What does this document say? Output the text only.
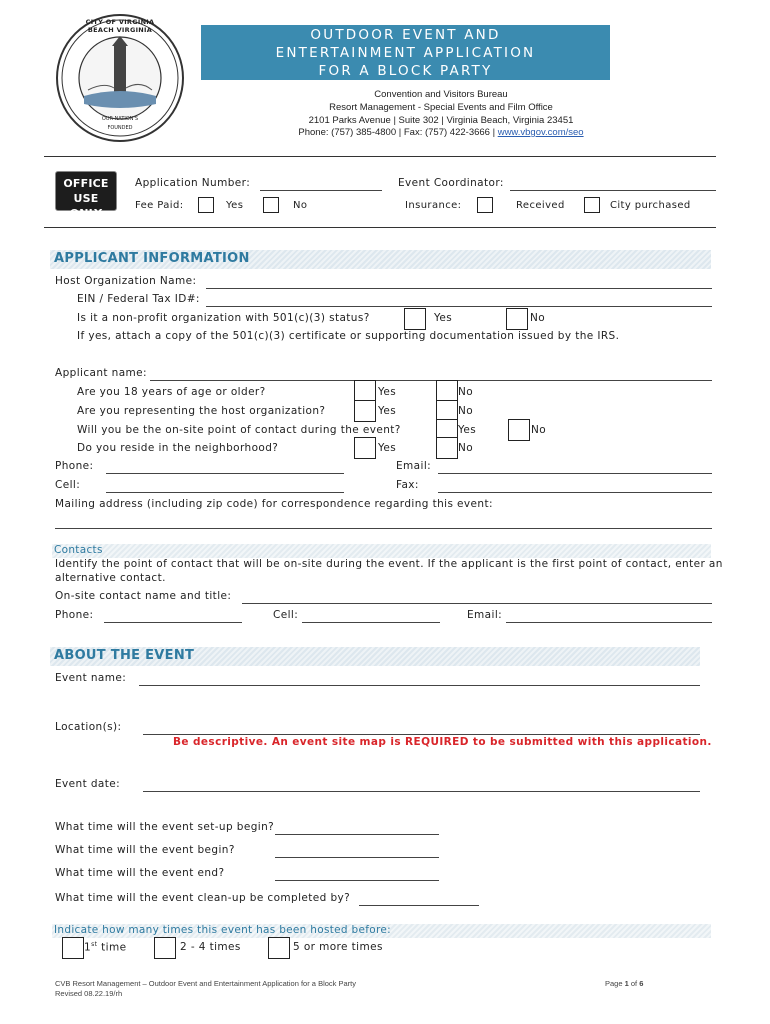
CITY OF VIRGINIA BEACH VIRGINIA
OUR NATION'S
FOUNDED
OUTDOOR EVENT AND
ENTERTAINMENT APPLICATION
FOR A BLOCK PARTY
Convention and Visitors Bureau
Resort Management - Special Events and Film Office
2101 Parks Avenue | Suite 302 | Virginia Beach, Virginia 23451
Phone: (757) 385-4800 | Fax: (757) 422-3666 | www.vbgov.com/seo
OFFICE
USE ONLY
Application Number:	Event Coordinator:
Fee Paid:	Yes	No	Insurance:	Received	City purchased
APPLICANT INFORMATION
Host Organization Name:
EIN / Federal Tax ID#:
Is it a non-profit organization with 501(c)(3) status?	Yes	No
If yes, attach a copy of the 501(c)(3) certificate or supporting documentation issued by the IRS.
Applicant name:
Are you 18 years of age or older?	Yes	No
Are you representing the host organization?	Yes	No
Will you be the on-site point of contact during the event?	Yes	No
Do you reside in the neighborhood?	Yes	No
Phone:	Email:
Cell:	Fax:
Mailing address (including zip code) for correspondence regarding this event:
Contacts
Identify the point of contact that will be on-site during the event. If the applicant is the first point of contact, enter an
alternative contact.
On-site contact name and title:
Phone:	Cell:	Email:
ABOUT THE EVENT
Event name:
Location(s):
Be descriptive. An event site map is REQUIRED to be submitted with this application.
Event date:
What time will the event set-up begin?
What time will the event begin?
What time will the event end?
What time will the event clean-up be completed by?
Indicate how many times this event has been hosted before:
1st time	2 - 4 times	5 or more times
CVB Resort Management – Outdoor Event and Entertainment Application for a Block Party
Revised 08.22.19/rh
Page 1 of 6
